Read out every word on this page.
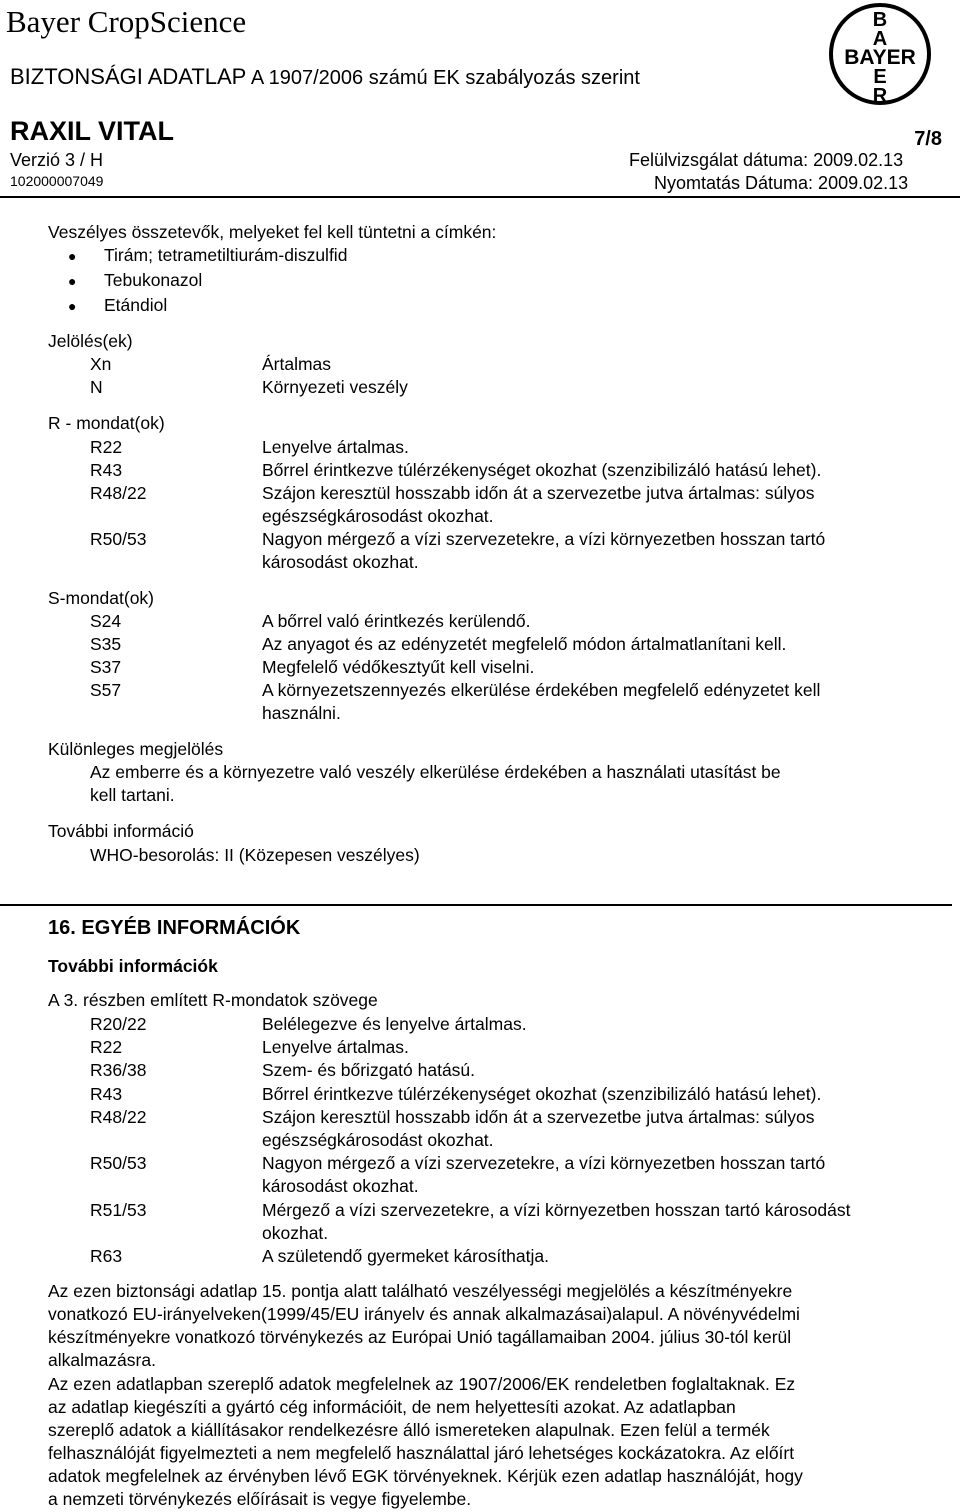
Bayer CropScience
BIZTONSÁGI ADATLAP A 1907/2006 számú EK szabályozás szerint
B
A
BAYER
E
R
RAXIL VITAL	7/8
Verzió 3 / H	Felülvizsgálat dátuma: 2009.02.13
102000007049	Nyomtatás Dátuma: 2009.02.13
Veszélyes összetevők, melyeket fel kell tüntetni a címkén:
● Tirám; tetrametiltiurám-diszulfid
● Tebukonazol
● Etándiol
Jelölés(ek)
Xn	Ártalmas
N	Környezeti veszély
R - mondat(ok)
R22	Lenyelve ártalmas.
R43	Bőrrel érintkezve túlérzékenységet okozhat (szenzibilizáló hatású lehet).
R48/22	Szájon keresztül hosszabb időn át a szervezetbe jutva ártalmas: súlyos
egészségkárosodást okozhat.
R50/53	Nagyon mérgező a vízi szervezetekre, a vízi környezetben hosszan tartó
károsodást okozhat.
S-mondat(ok)
S24	A bőrrel való érintkezés kerülendő.
S35	Az anyagot és az edényzetét megfelelő módon ártalmatlanítani kell.
S37	Megfelelő védőkesztyűt kell viselni.
S57	A környezetszennyezés elkerülése érdekében megfelelő edényzetet kell
használni.
Különleges megjelölés
Az emberre és a környezetre való veszély elkerülése érdekében a használati utasítást be
kell tartani.
További információ
WHO-besorolás: II (Közepesen veszélyes)
16. EGYÉB INFORMÁCIÓK
További információk
A 3. részben említett R-mondatok szövege
R20/22	Belélegezve és lenyelve ártalmas.
R22	Lenyelve ártalmas.
R36/38	Szem- és bőrizgató hatású.
R43	Bőrrel érintkezve túlérzékenységet okozhat (szenzibilizáló hatású lehet).
R48/22	Szájon keresztül hosszabb időn át a szervezetbe jutva ártalmas: súlyos
egészségkárosodást okozhat.
R50/53	Nagyon mérgező a vízi szervezetekre, a vízi környezetben hosszan tartó
károsodást okozhat.
R51/53	Mérgező a vízi szervezetekre, a vízi környezetben hosszan tartó károsodást
okozhat.
R63	A születendő gyermeket károsíthatja.
Az ezen biztonsági adatlap 15. pontja alatt található veszélyességi megjelölés a készítményekre
vonatkozó EU-irányelveken(1999/45/EU irányelv és annak alkalmazásai)alapul. A növényvédelmi
készítményekre vonatkozó törvénykezés az Európai Unió tagállamaiban 2004. július 30-tól kerül
alkalmazásra.
Az ezen adatlapban szereplő adatok megfelelnek az 1907/2006/EK rendeletben foglaltaknak. Ez
az adatlap kiegészíti a gyártó cég információit, de nem helyettesíti azokat. Az adatlapban
szereplő adatok a kiállításakor rendelkezésre álló ismereteken alapulnak. Ezen felül a termék
felhasználóját figyelmezteti a nem megfelelő használattal járó lehetséges kockázatokra. Az előírt
adatok megfelelnek az érvényben lévő EGK törvényeknek. Kérjük ezen adatlap használóját, hogy
a nemzeti törvénykezés előírásait is vegye figyelembe.
